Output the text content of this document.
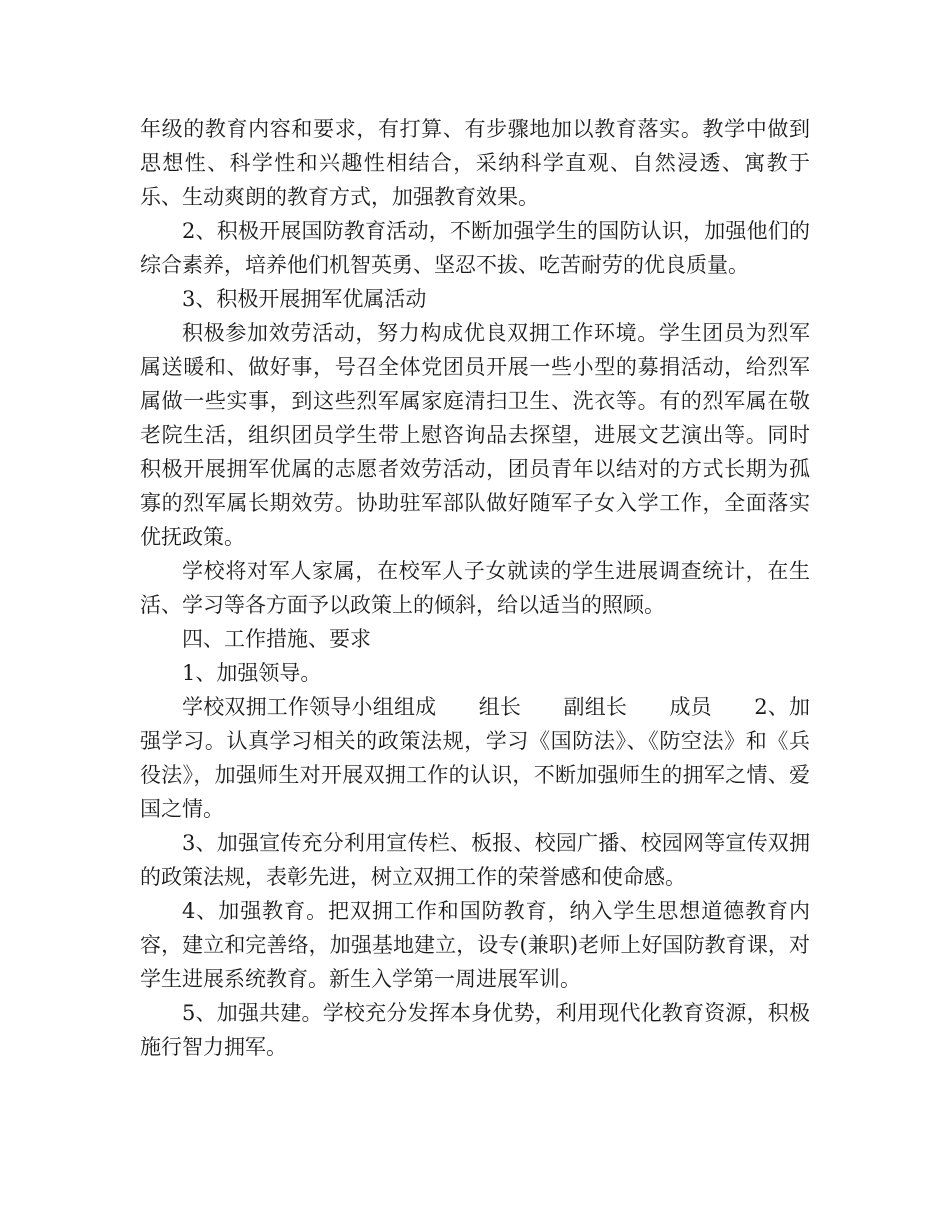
年级的教育内容和要求，有打算、有步骤地加以教育落实。教学中做到思想性、科学性和兴趣性相结合，采纳科学直观、自然浸透、寓教于乐、生动爽朗的教育方式，加强教育效果。

2、积极开展国防教育活动，不断加强学生的国防认识，加强他们的综合素养，培养他们机智英勇、坚忍不拔、吃苦耐劳的优良质量。

3、积极开展拥军优属活动

积极参加效劳活动，努力构成优良双拥工作环境。学生团员为烈军属送暖和、做好事，号召全体党团员开展一些小型的募捐活动，给烈军属做一些实事，到这些烈军属家庭清扫卫生、洗衣等。有的烈军属在敬老院生活，组织团员学生带上慰咨询品去探望，进展文艺演出等。同时积极开展拥军优属的志愿者效劳活动，团员青年以结对的方式长期为孤寡的烈军属长期效劳。协助驻军部队做好随军子女入学工作，全面落实优抚政策。

学校将对军人家属，在校军人子女就读的学生进展调查统计，在生活、学习等各方面予以政策上的倾斜，给以适当的照顾。

四、工作措施、要求

1、加强领导。

学校双拥工作领导小组组成　　组长　　副组长　　成员　　2、加强学习。认真学习相关的政策法规，学习《国防法》、《防空法》和《兵役法》，加强师生对开展双拥工作的认识，不断加强师生的拥军之情、爱国之情。

3、加强宣传充分利用宣传栏、板报、校园广播、校园网等宣传双拥的政策法规，表彰先进，树立双拥工作的荣誉感和使命感。

4、加强教育。把双拥工作和国防教育，纳入学生思想道德教育内容，建立和完善络，加强基地建立，设专(兼职)老师上好国防教育课，对学生进展系统教育。新生入学第一周进展军训。

5、加强共建。学校充分发挥本身优势，利用现代化教育资源，积极施行智力拥军。
